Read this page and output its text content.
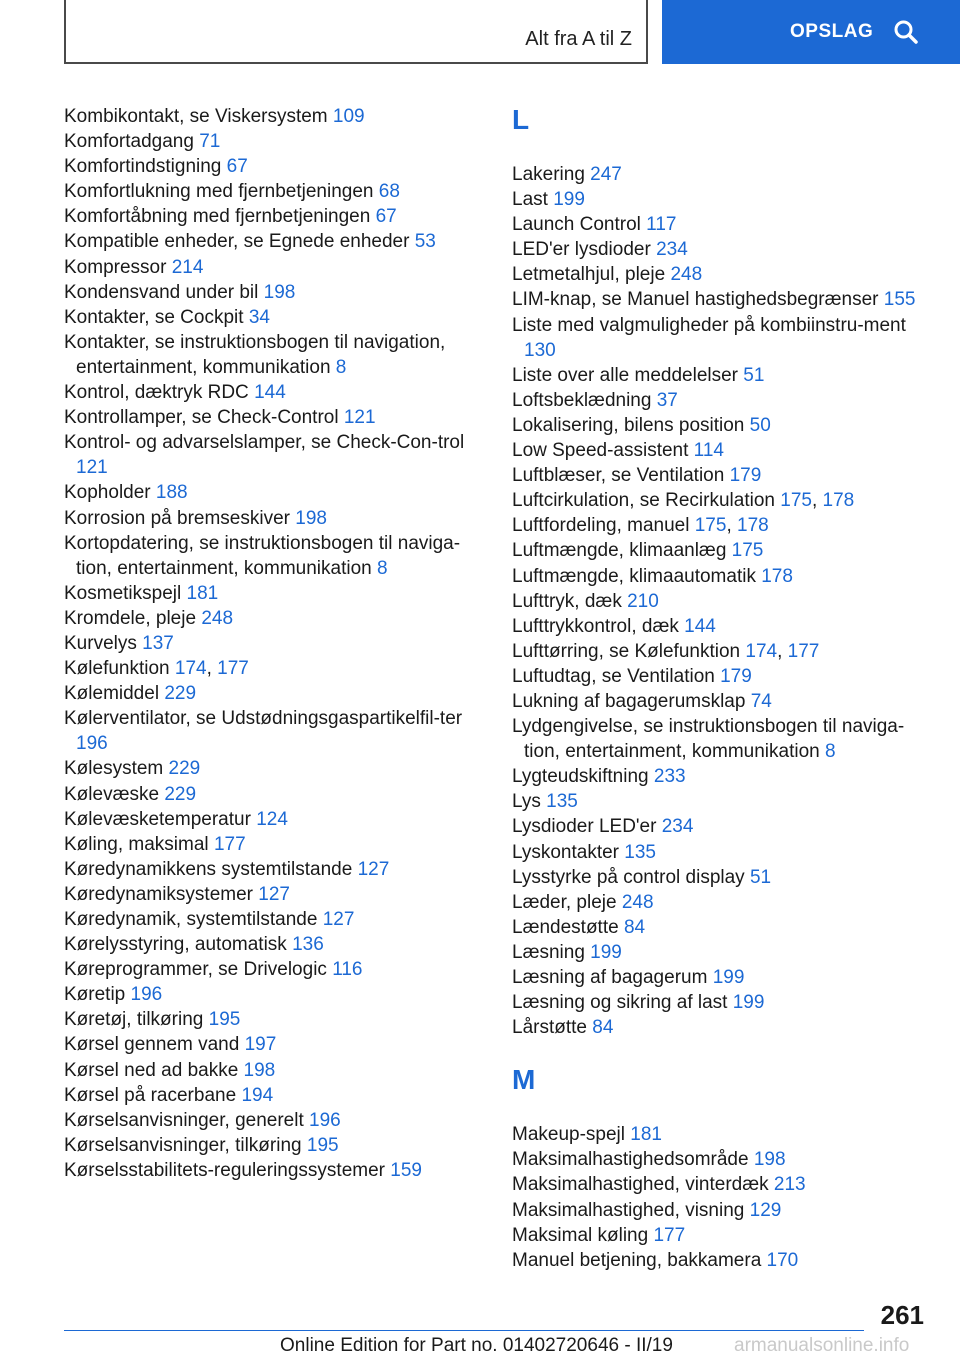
Alt fra A til Z	OPSLAG
Kombikontakt, se Viskersystem 109
Komfortadgang 71
Komfortindstigning 67
Komfortlukning med fjernbetjeningen 68
Komfortåbning med fjernbetjeningen 67
Kompatible enheder, se Egnede enheder 53
Kompressor 214
Kondensvand under bil 198
Kontakter, se Cockpit 34
Kontakter, se instruktionsbogen til navigation, entertainment, kommunikation 8
Kontrol, dæktryk RDC 144
Kontrollamper, se Check-Control 121
Kontrol- og advarselslamper, se Check-Con-trol 121
Kopholder 188
Korrosion på bremseskiver 198
Kortopdatering, se instruktionsbogen til naviga-tion, entertainment, kommunikation 8
Kosmetikspejl 181
Kromdele, pleje 248
Kurvelys 137
Kølefunktion 174, 177
Kølemiddel 229
Kølerventilator, se Udstødningsgaspartikelfil-ter 196
Kølesystem 229
Kølevæske 229
Kølevæsketemperatur 124
Køling, maksimal 177
Køredynamikkens systemtilstande 127
Køredynamiksystemer 127
Køredynamik, systemtilstande 127
Kørelysstyring, automatisk 136
Køreprogrammer, se Drivelogic 116
Køretip 196
Køretøj, tilkøring 195
Kørsel gennem vand 197
Kørsel ned ad bakke 198
Kørsel på racerbane 194
Kørselsanvisninger, generelt 196
Kørselsanvisninger, tilkøring 195
Kørselsstabilitets-reguleringssystemer 159
L
Lakering 247
Last 199
Launch Control 117
LED'er lysdioder 234
Letmetalhjul, pleje 248
LIM-knap, se Manuel hastighedsbegrænser 155
Liste med valgmuligheder på kombiinstru-ment 130
Liste over alle meddelelser 51
Loftsbeklædning 37
Lokalisering, bilens position 50
Low Speed-assistent 114
Luftblæser, se Ventilation 179
Luftcirkulation, se Recirkulation 175, 178
Luftfordeling, manuel 175, 178
Luftmængde, klimaanlæg 175
Luftmængde, klimaautomatik 178
Lufttryk, dæk 210
Lufttrykkontrol, dæk 144
Lufttørring, se Kølefunktion 174, 177
Luftudtag, se Ventilation 179
Lukning af bagagerumsklap 74
Lydgengivelse, se instruktionsbogen til naviga-tion, entertainment, kommunikation 8
Lygteudskiftning 233
Lys 135
Lysdioder LED'er 234
Lyskontakter 135
Lysstyrke på control display 51
Læder, pleje 248
Lændestøtte 84
Læsning 199
Læsning af bagagerum 199
Læsning og sikring af last 199
Lårstøtte 84
M
Makeup-spejl 181
Maksimalhastighedsområde 198
Maksimalhastighed, vinterdæk 213
Maksimalhastighed, visning 129
Maksimal køling 177
Manuel betjening, bakkamera 170
261
Online Edition for Part no. 01402720646 - II/19	armanualsonline.info
